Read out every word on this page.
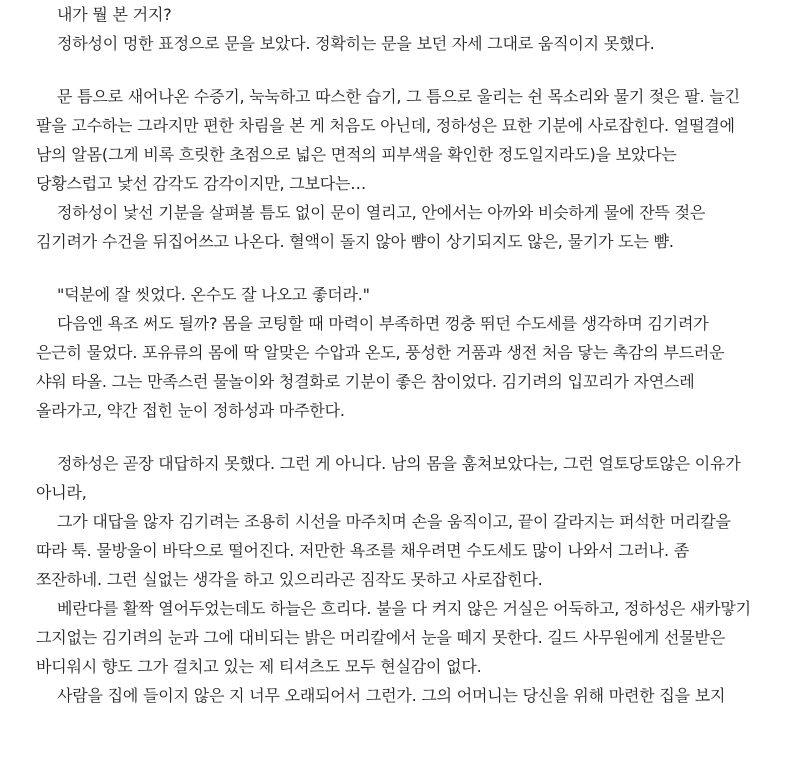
내가 뭘 본 거지?

정하성이 멍한 표정으로 문을 보았다. 정확히는 문을 보던 자세 그대로 움직이지 못했다.

문 틈으로 새어나온 수증기, 눅눅하고 따스한 습기, 그 틈으로 울리는 쉰 목소리와 물기 젖은 팔. 늘긴 팔을 고수하는 그라지만 편한 차림을 본 게 처음도 아닌데, 정하성은 묘한 기분에 사로잡힌다. 얼떨결에 남의 알몸(그게 비록 흐릿한 초점으로 넓은 면적의 피부색을 확인한 정도일지라도)을 보았다는 당황스럽고 낯선 감각도 감각이지만, 그보다는…

정하성이 낯선 기분을 살펴볼 틈도 없이 문이 열리고, 안에서는 아까와 비슷하게 물에 잔뜩 젖은 김기려가 수건을 뒤집어쓰고 나온다. 혈액이 돌지 않아 뺨이 상기되지도 않은, 물기가 도는 뺨.

"덕분에 잘 씻었다. 온수도 잘 나오고 좋더라."

다음엔 욕조 써도 될까? 몸을 코팅할 때 마력이 부족하면 껑충 뛰던 수도세를 생각하며 김기려가 은근히 물었다. 포유류의 몸에 딱 알맞은 수압과 온도, 풍성한 거품과 생전 처음 닿는 촉감의 부드러운 샤워 타올. 그는 만족스런 물놀이와 청결화로 기분이 좋은 참이었다. 김기려의 입꼬리가 자연스레 올라가고, 약간 접힌 눈이 정하성과 마주한다.

정하성은 곧장 대답하지 못했다. 그런 게 아니다. 남의 몸을 훔쳐보았다는, 그런 얼토당토않은 이유가 아니라,

그가 대답을 않자 김기려는 조용히 시선을 마주치며 손을 움직이고, 끝이 갈라지는 퍼석한 머리칼을 따라 툭. 물방울이 바닥으로 떨어진다. 저만한 욕조를 채우려면 수도세도 많이 나와서 그러나. 좀 쪼잔하네. 그런 실없는 생각을 하고 있으리라곤 짐작도 못하고 사로잡힌다.

베란다를 활짝 열어두었는데도 하늘은 흐리다. 불을 다 켜지 않은 거실은 어둑하고, 정하성은 새카맣기 그지없는 김기려의 눈과 그에 대비되는 밝은 머리칼에서 눈을 떼지 못한다. 길드 사무원에게 선물받은 바디워시 향도 그가 걸치고 있는 제 티셔츠도 모두 현실감이 없다.

사람을 집에 들이지 않은 지 너무 오래되어서 그런가. 그의 어머니는 당신을 위해 마련한 집을 보지
